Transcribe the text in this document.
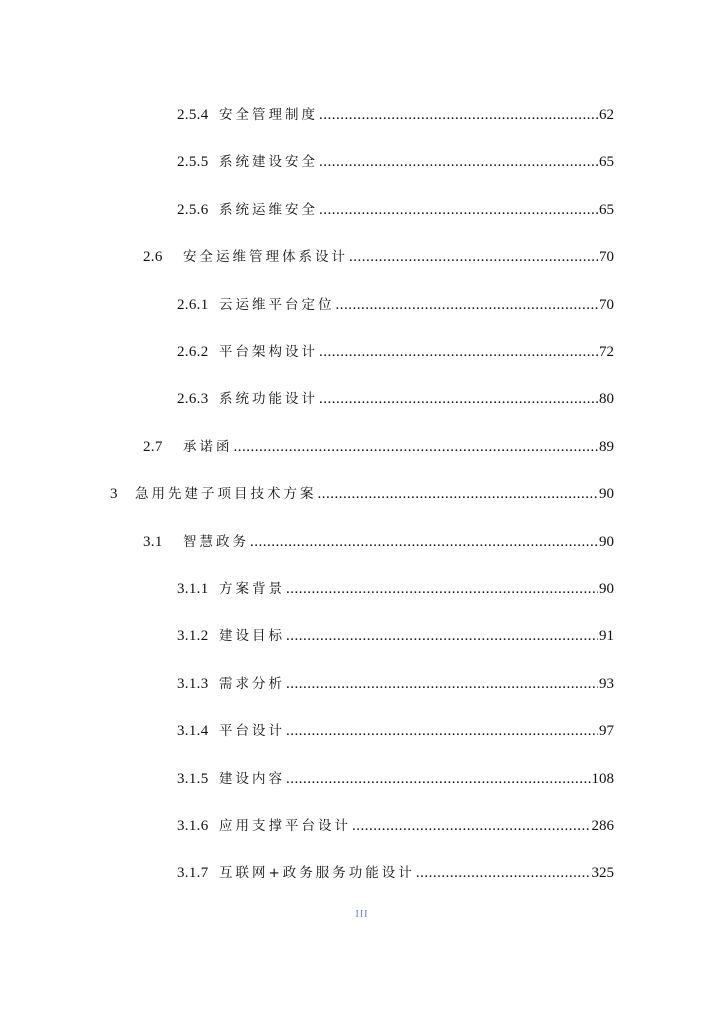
2.5.4 安全管理制度 .....	62
2.5.5 系统建设安全 .....	65
2.5.6 系统运维安全 .....	65
2.6	安全运维管理体系设计 .....	70
2.6.1 云运维平台定位 .....	70
2.6.2 平台架构设计 .....	72
2.6.3 系统功能设计 .....	80
2.7	承诺函 .....	89
3	急用先建子项目技术方案 .....	90
3.1	智慧政务 .....	90
3.1.1 方案背景 .....	90
3.1.2 建设目标 .....	91
3.1.3 需求分析 .....	93
3.1.4 平台设计 .....	97
3.1.5 建设内容 .....	108
3.1.6 应用支撑平台设计 .....	286
3.1.7 互联网+政务服务功能设计 .....	325
III
